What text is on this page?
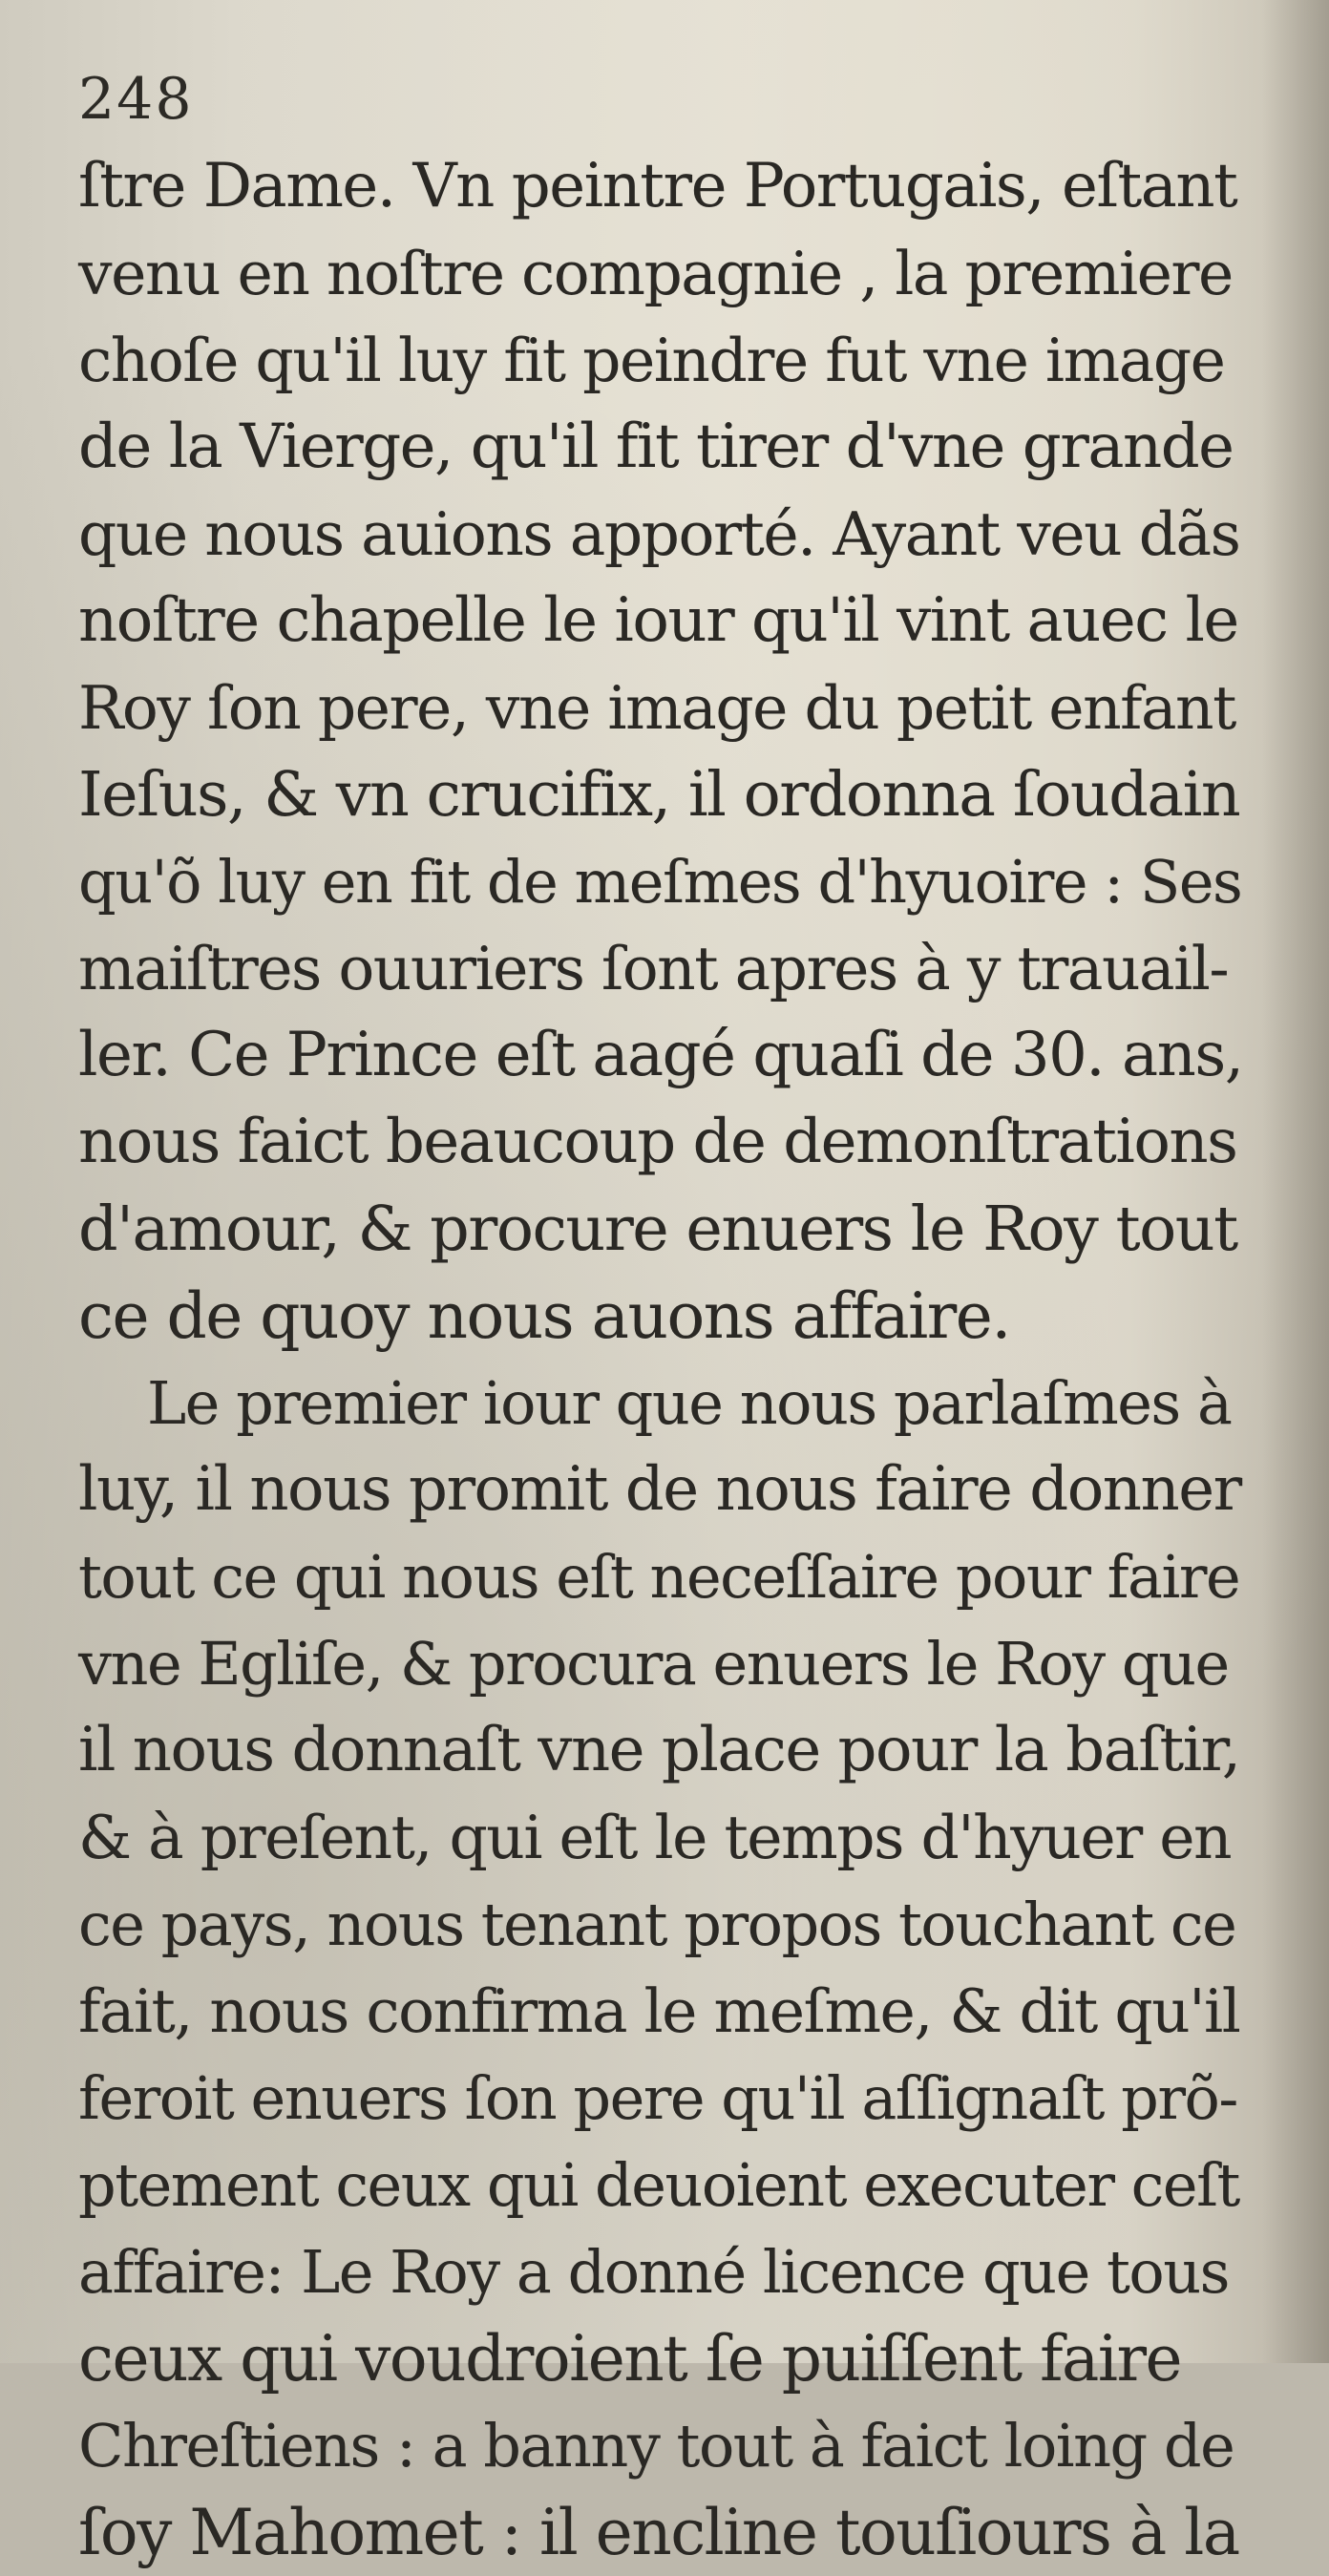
248
ſtre Dame. Vn peintre Portugais, eſtant
venu en noſtre compagnie , la premiere
choſe qu'il luy fit peindre fut vne image
de la Vierge, qu'il fit tirer d'vne grande
que nous auions apporté. Ayant veu dãs
noſtre chapelle le iour qu'il vint auec le
Roy ſon pere, vne image du petit enfant
Ieſus, & vn crucifix, il ordonna ſoudain
qu'õ luy en fit de meſmes d'hyuoire : Ses
maiſtres ouuriers ſont apres à y trauail-
ler. Ce Prince eſt aagé quaſi de 30. ans,
nous faict beaucoup de demonſtrations
d'amour, & procure enuers le Roy tout
ce de quoy nous auons affaire.
Le premier iour que nous parlaſmes à
luy, il nous promit de nous faire donner
tout ce qui nous eſt neceſſaire pour faire
vne Egliſe, & procura enuers le Roy que
il nous donnaſt vne place pour la baſtir,
& à preſent, qui eſt le temps d'hyuer en
ce pays, nous tenant propos touchant ce
fait, nous confirma le meſme, & dit qu'il
feroit enuers ſon pere qu'il aſſignaſt prõ-
ptement ceux qui deuoient executer ceſt
affaire: Le Roy a donné licence que tous
ceux qui voudroient ſe puiſſent faire
Chreſtiens : a banny tout à faict loing de
ſoy Mahomet : il encline touſiours à la
